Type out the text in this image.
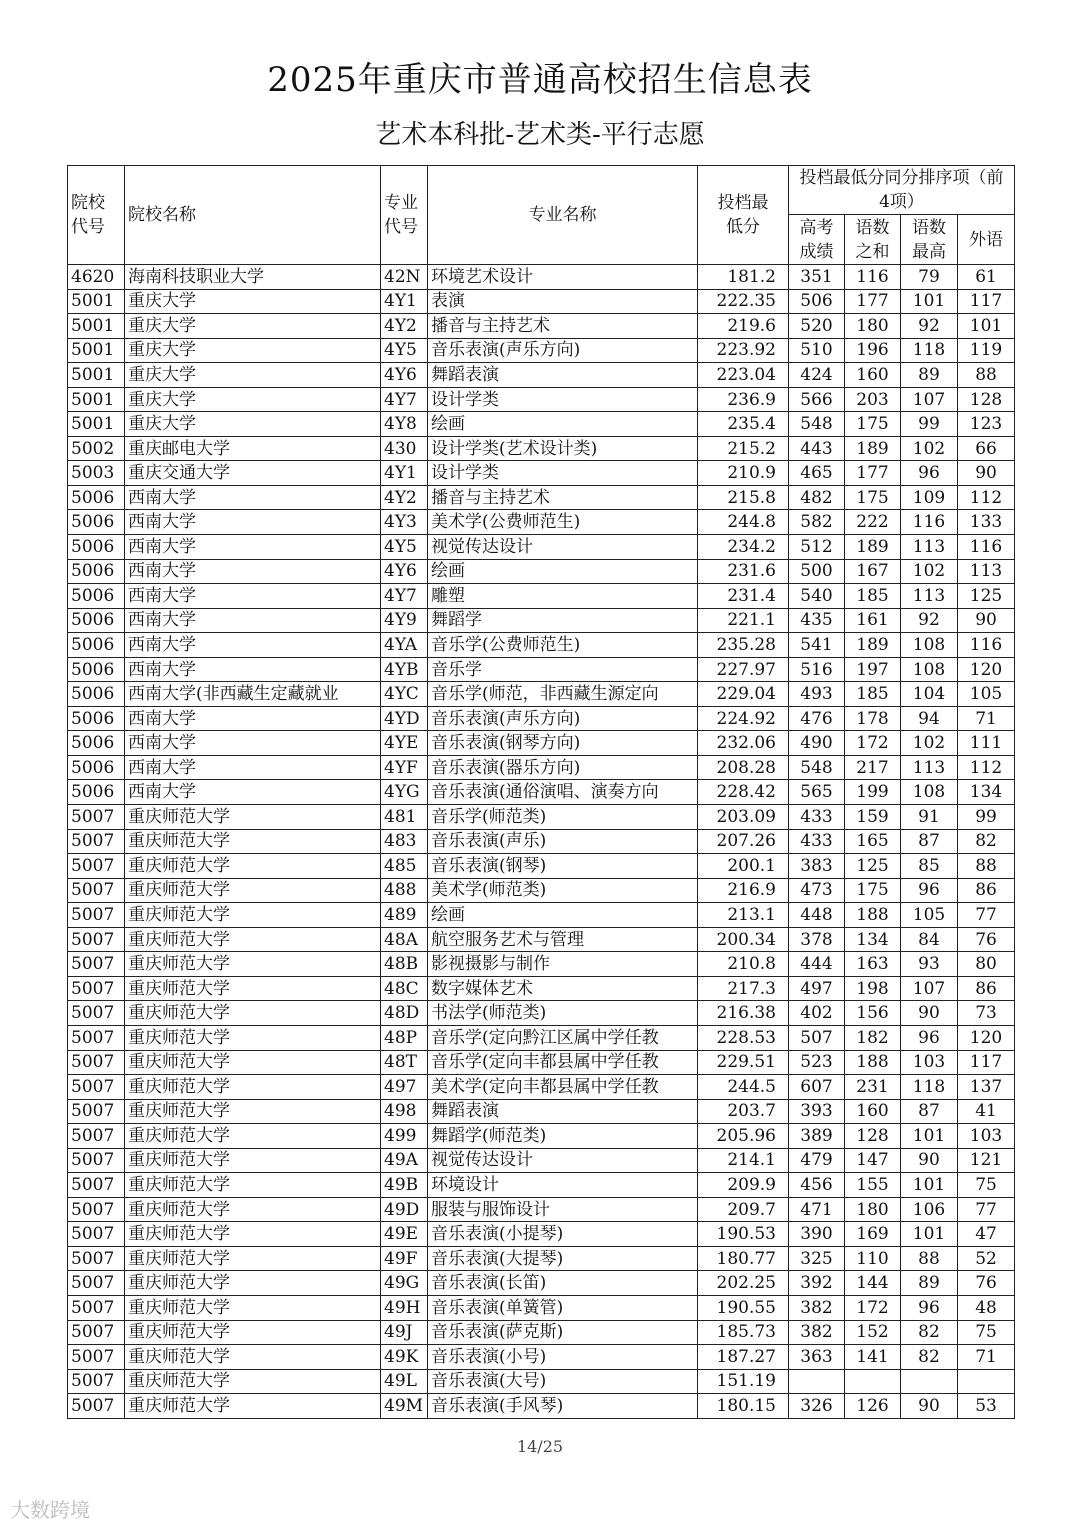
2025年重庆市普通高校招生信息表
艺术本科批-艺术类-平行志愿
院校代号	院校名称	专业代号	专业名称	投档最低分	投档最低分同分排序项（前4项）			
					高考成绩	语数之和	语数最高	外语
4620	海南科技职业大学	42N	环境艺术设计	181.2	351	116	79	61
5001	重庆大学	4Y1	表演	222.35	506	177	101	117
5001	重庆大学	4Y2	播音与主持艺术	219.6	520	180	92	101
5001	重庆大学	4Y5	音乐表演(声乐方向)	223.92	510	196	118	119
5001	重庆大学	4Y6	舞蹈表演	223.04	424	160	89	88
5001	重庆大学	4Y7	设计学类	236.9	566	203	107	128
5001	重庆大学	4Y8	绘画	235.4	548	175	99	123
5002	重庆邮电大学	430	设计学类(艺术设计类)	215.2	443	189	102	66
5003	重庆交通大学	4Y1	设计学类	210.9	465	177	96	90
5006	西南大学	4Y2	播音与主持艺术	215.8	482	175	109	112
5006	西南大学	4Y3	美术学(公费师范生)	244.8	582	222	116	133
5006	西南大学	4Y5	视觉传达设计	234.2	512	189	113	116
5006	西南大学	4Y6	绘画	231.6	500	167	102	113
5006	西南大学	4Y7	雕塑	231.4	540	185	113	125
5006	西南大学	4Y9	舞蹈学	221.1	435	161	92	90
5006	西南大学	4YA	音乐学(公费师范生)	235.28	541	189	108	116
5006	西南大学	4YB	音乐学	227.97	516	197	108	120
5006	西南大学(非西藏生定藏就业	4YC	音乐学(师范，非西藏生源定向	229.04	493	185	104	105
5006	西南大学	4YD	音乐表演(声乐方向)	224.92	476	178	94	71
5006	西南大学	4YE	音乐表演(钢琴方向)	232.06	490	172	102	111
5006	西南大学	4YF	音乐表演(器乐方向)	208.28	548	217	113	112
5006	西南大学	4YG	音乐表演(通俗演唱、演奏方向	228.42	565	199	108	134
5007	重庆师范大学	481	音乐学(师范类)	203.09	433	159	91	99
5007	重庆师范大学	483	音乐表演(声乐)	207.26	433	165	87	82
5007	重庆师范大学	485	音乐表演(钢琴)	200.1	383	125	85	88
5007	重庆师范大学	488	美术学(师范类)	216.9	473	175	96	86
5007	重庆师范大学	489	绘画	213.1	448	188	105	77
5007	重庆师范大学	48A	航空服务艺术与管理	200.34	378	134	84	76
5007	重庆师范大学	48B	影视摄影与制作	210.8	444	163	93	80
5007	重庆师范大学	48C	数字媒体艺术	217.3	497	198	107	86
5007	重庆师范大学	48D	书法学(师范类)	216.38	402	156	90	73
5007	重庆师范大学	48P	音乐学(定向黔江区属中学任教	228.53	507	182	96	120
5007	重庆师范大学	48T	音乐学(定向丰都县属中学任教	229.51	523	188	103	117
5007	重庆师范大学	497	美术学(定向丰都县属中学任教	244.5	607	231	118	137
5007	重庆师范大学	498	舞蹈表演	203.7	393	160	87	41
5007	重庆师范大学	499	舞蹈学(师范类)	205.96	389	128	101	103
5007	重庆师范大学	49A	视觉传达设计	214.1	479	147	90	121
5007	重庆师范大学	49B	环境设计	209.9	456	155	101	75
5007	重庆师范大学	49D	服装与服饰设计	209.7	471	180	106	77
5007	重庆师范大学	49E	音乐表演(小提琴)	190.53	390	169	101	47
5007	重庆师范大学	49F	音乐表演(大提琴)	180.77	325	110	88	52
5007	重庆师范大学	49G	音乐表演(长笛)	202.25	392	144	89	76
5007	重庆师范大学	49H	音乐表演(单簧管)	190.55	382	172	96	48
5007	重庆师范大学	49J	音乐表演(萨克斯)	185.73	382	152	82	75
5007	重庆师范大学	49K	音乐表演(小号)	187.27	363	141	82	71
5007	重庆师范大学	49L	音乐表演(大号)	151.19				
5007	重庆师范大学	49M	音乐表演(手风琴)	180.15	326	126	90	53
14/25
大数跨境
